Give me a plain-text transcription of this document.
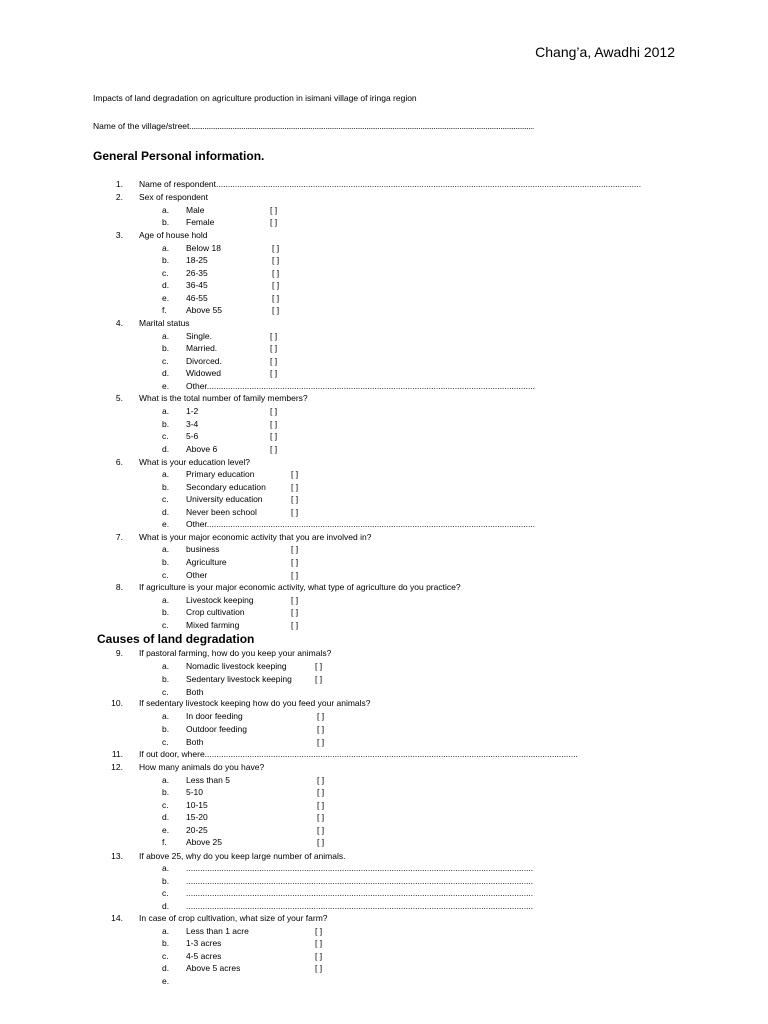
Chang’a, Awadhi 2012
Impacts of land degradation on agriculture production in isimani village of iringa region
Name of the village/street.........................................................................................................................................................................................
General Personal information.
Causes of land degradation
1. Name of respondent....................................................................................................................................................................................
2. Sex of respondent
a. Male	[ ]
b. Female	[ ]
3. Age of house hold
a. Below 18	[ ]
b. 18-25	[ ]
c. 26-35	[ ]
d. 36-45	[ ]
e. 46-55	[ ]
f. Above 55	[ ]
4. Marital status
a. Single.	[ ]
b. Married.	[ ]
c. Divorced.	[ ]
d. Widowed	[ ]
e. Other...........................................................................................................................................
5. What is the total number of family members?
a. 1-2	[ ]
b. 3-4	[ ]
c. 5-6	[ ]
d. Above 6	[ ]
6. What is your education level?
a. Primary education	[ ]
b. Secondary education	[ ]
c. University education	[ ]
d. Never been school	[ ]
e. Other...........................................................................................................................................
7. What is your major economic activity that you are involved in?
a. business	[ ]
b. Agriculture	[ ]
c. Other	[ ]
8. If agriculture is your major economic activity, what type of agriculture do you practice?
a. Livestock keeping	[ ]
b. Crop cultivation	[ ]
c. Mixed farming	[ ]
9. If pastoral farming, how do you keep your animals?
a. Nomadic livestock keeping	[ ]
b. Sedentary livestock keeping	[ ]
c. Both
10. If sedentary livestock keeping how do you feed your animals?
a. In door feeding	[ ]
b. Outdoor feeding	[ ]
c. Both	[ ]
11. If out door, where..............................................................................................................................................................
12. How many animals do you have?
a. Less than 5	[ ]
b. 5-10	[ ]
c. 10-15	[ ]
d. 15-20	[ ]
e. 20-25	[ ]
f. Above 25	[ ]
13. If above 25, why do you keep large number of animals.
a. ...................................................................................................................................................
b. ...................................................................................................................................................
c. ...................................................................................................................................................
d. ...................................................................................................................................................
14. In case of crop cultivation, what size of your farm?
a. Less than 1 acre	[ ]
b. 1-3 acres	[ ]
c. 4-5 acres	[ ]
d. Above 5 acres	[ ]
e.
